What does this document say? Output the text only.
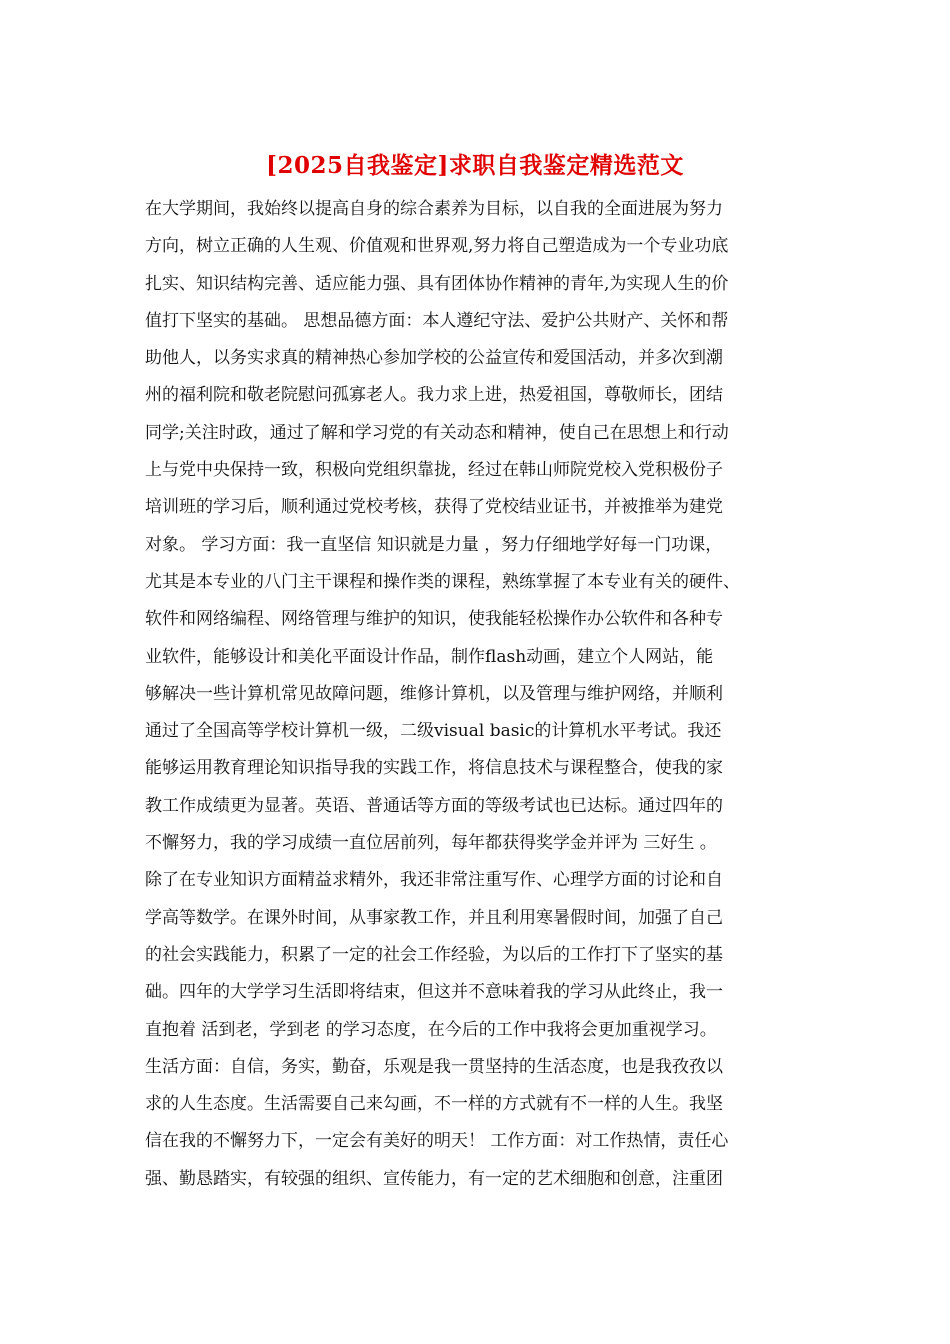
[2025自我鉴定]求职自我鉴定精选范文
在大学期间，我始终以提高自身的综合素养为目标，以自我的全面进展为努力
方向，树立正确的人生观、价值观和世界观,努力将自己塑造成为一个专业功底
扎实、知识结构完善、适应能力强、具有团体协作精神的青年,为实现人生的价
值打下坚实的基础。 思想品德方面：本人遵纪守法、爱护公共财产、关怀和帮
助他人，以务实求真的精神热心参加学校的公益宣传和爱国活动，并多次到潮
州的福利院和敬老院慰问孤寡老人。我力求上进，热爱祖国，尊敬师长，团结
同学;关注时政，通过了解和学习党的有关动态和精神，使自己在思想上和行动
上与党中央保持一致，积极向党组织靠拢，经过在韩山师院党校入党积极份子
培训班的学习后，顺利通过党校考核，获得了党校结业证书，并被推举为建党
对象。 学习方面：我一直坚信 知识就是力量 ，努力仔细地学好每一门功课，
尤其是本专业的八门主干课程和操作类的课程，熟练掌握了本专业有关的硬件、
软件和网络编程、网络管理与维护的知识，使我能轻松操作办公软件和各种专
业软件，能够设计和美化平面设计作品，制作flash动画，建立个人网站，能
够解决一些计算机常见故障问题，维修计算机，以及管理与维护网络，并顺利
通过了全国高等学校计算机一级，二级visual basic的计算机水平考试。我还
能够运用教育理论知识指导我的实践工作，将信息技术与课程整合，使我的家
教工作成绩更为显著。英语、普通话等方面的等级考试也已达标。通过四年的
不懈努力，我的学习成绩一直位居前列，每年都获得奖学金并评为 三好生 。
除了在专业知识方面精益求精外，我还非常注重写作、心理学方面的讨论和自
学高等数学。在课外时间，从事家教工作，并且利用寒暑假时间，加强了自己
的社会实践能力，积累了一定的社会工作经验，为以后的工作打下了坚实的基
础。四年的大学学习生活即将结束，但这并不意味着我的学习从此终止，我一
直抱着 活到老，学到老 的学习态度，在今后的工作中我将会更加重视学习。
生活方面：自信，务实，勤奋，乐观是我一贯坚持的生活态度，也是我孜孜以
求的人生态度。生活需要自己来勾画，不一样的方式就有不一样的人生。我坚
信在我的不懈努力下，一定会有美好的明天！ 工作方面：对工作热情，责任心
强、勤恳踏实，有较强的组织、宣传能力，有一定的艺术细胞和创意，注重团
